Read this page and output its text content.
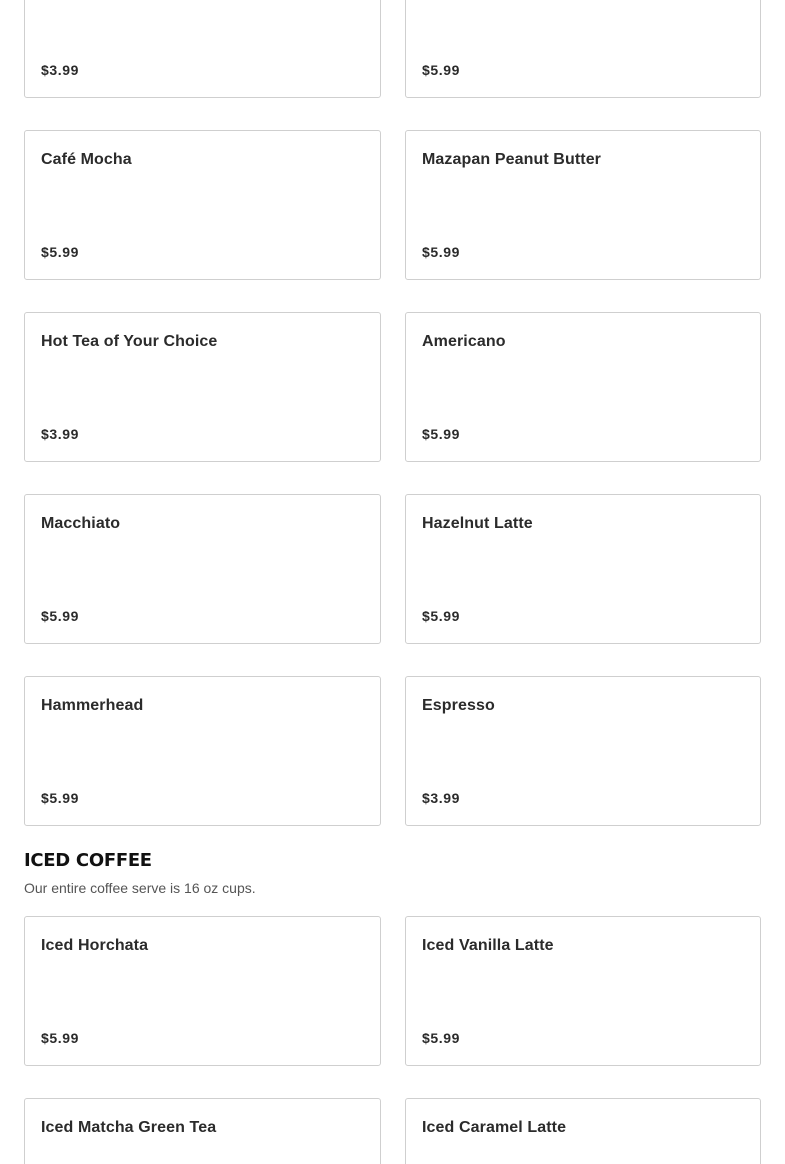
$3.99	$5.99
Café Mocha
$5.99
Mazapan Peanut Butter
$5.99
Hot Tea of Your Choice
$3.99
Americano
$5.99
Macchiato
$5.99
Hazelnut Latte
$5.99
Hammerhead
$5.99
Espresso
$3.99
ICED COFFEE

Our entire coffee serve is 16 oz cups.

Iced Horchata
$5.99
Iced Vanilla Latte
$5.99
Iced Matcha Green Tea	Iced Caramel Latte
